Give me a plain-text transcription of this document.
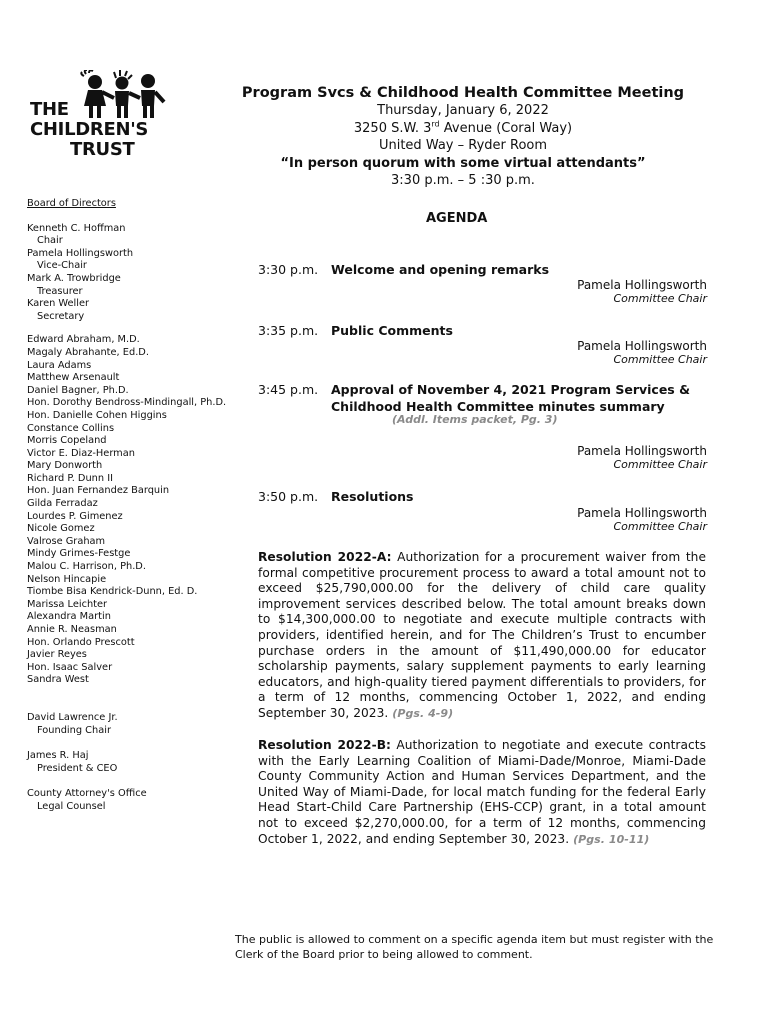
THE
CHILDREN'S
TRUST
Program Svcs & Childhood Health Committee Meeting
Thursday, January 6, 2022
3250 S.W. 3rd Avenue (Coral Way)
United Way – Ryder Room
“In person quorum with some virtual attendants”
3:30 p.m. – 5 :30 p.m.
Board of Directors
Kenneth C. Hoffman
Chair
Pamela Hollingsworth
Vice-Chair
Mark A. Trowbridge
Treasurer
Karen Weller
Secretary
Edward Abraham, M.D.
Magaly Abrahante, Ed.D.
Laura Adams
Matthew Arsenault
Daniel Bagner, Ph.D.
Hon. Dorothy Bendross-Mindingall, Ph.D.
Hon. Danielle Cohen Higgins
Constance Collins
Morris Copeland
Victor E. Diaz-Herman
Mary Donworth
Richard P. Dunn II
Hon. Juan Fernandez Barquin
Gilda Ferradaz
Lourdes P. Gimenez
Nicole Gomez
Valrose Graham
Mindy Grimes-Festge
Malou C. Harrison, Ph.D.
Nelson Hincapie
Tiombe Bisa Kendrick-Dunn, Ed. D.
Marissa Leichter
Alexandra Martin
Annie R. Neasman
Hon. Orlando Prescott
Javier Reyes
Hon. Isaac Salver
Sandra West
David Lawrence Jr.
Founding Chair
James R. Haj
President & CEO
County Attorney's Office
Legal Counsel
AGENDA
3:30 p.m. Welcome and opening remarks
Pamela Hollingsworth
Committee Chair
3:35 p.m. Public Comments
Pamela Hollingsworth
Committee Chair
3:45 p.m. Approval of November 4, 2021 Program Services &
Childhood Health Committee minutes summary
(Addl. Items packet, Pg. 3)
Pamela Hollingsworth
Committee Chair
3:50 p.m. Resolutions
Pamela Hollingsworth
Committee Chair
Resolution 2022-A: Authorization for a procurement waiver from the formal competitive procurement process to award a total amount not to exceed $25,790,000.00 for the delivery of child care quality improvement services described below. The total amount breaks down to $14,300,000.00 to negotiate and execute multiple contracts with providers, identified herein, and for The Children’s Trust to encumber purchase orders in the amount of $11,490,000.00 for educator scholarship payments, salary supplement payments to early learning educators, and high-quality tiered payment differentials to providers, for a term of 12 months, commencing October 1, 2022, and ending September 30, 2023. (Pgs. 4-9)
Resolution 2022-B: Authorization to negotiate and execute contracts with the Early Learning Coalition of Miami-Dade/Monroe, Miami-Dade County Community Action and Human Services Department, and the United Way of Miami-Dade, for local match funding for the federal Early Head Start-Child Care Partnership (EHS-CCP) grant, in a total amount not to exceed $2,270,000.00, for a term of 12 months, commencing October 1, 2022, and ending September 30, 2023. (Pgs. 10-11)
The public is allowed to comment on a specific agenda item but must register with the Clerk of the Board prior to being allowed to comment.
